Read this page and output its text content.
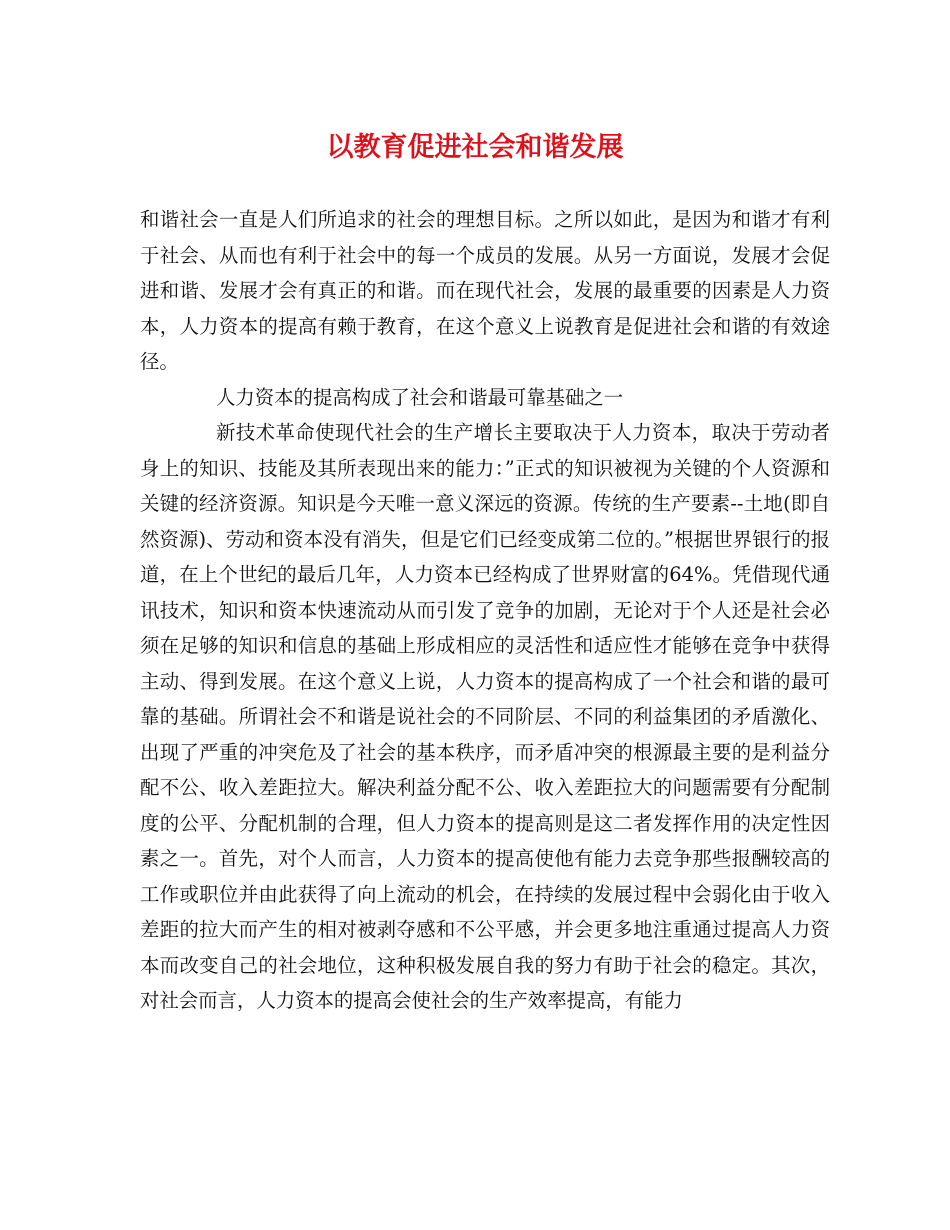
以教育促进社会和谐发展

和谐社会一直是人们所追求的社会的理想目标。之所以如此，是因为和谐才有利于社会、从而也有利于社会中的每一个成员的发展。从另一方面说，发展才会促进和谐、发展才会有真正的和谐。而在现代社会，发展的最重要的因素是人力资本，人力资本的提高有赖于教育，在这个意义上说教育是促进社会和谐的有效途径。

人力资本的提高构成了社会和谐最可靠基础之一

新技术革命使现代社会的生产增长主要取决于人力资本，取决于劳动者身上的知识、技能及其所表现出来的能力：”正式的知识被视为关键的个人资源和关键的经济资源。知识是今天唯一意义深远的资源。传统的生产要素--土地(即自然资源)、劳动和资本没有消失，但是它们已经变成第二位的。”根据世界银行的报道，在上个世纪的最后几年，人力资本已经构成了世界财富的64%。凭借现代通讯技术，知识和资本快速流动从而引发了竞争的加剧，无论对于个人还是社会必须在足够的知识和信息的基础上形成相应的灵活性和适应性才能够在竞争中获得主动、得到发展。在这个意义上说，人力资本的提高构成了一个社会和谐的最可靠的基础。所谓社会不和谐是说社会的不同阶层、不同的利益集团的矛盾激化、出现了严重的冲突危及了社会的基本秩序，而矛盾冲突的根源最主要的是利益分配不公、收入差距拉大。解决利益分配不公、收入差距拉大的问题需要有分配制度的公平、分配机制的合理，但人力资本的提高则是这二者发挥作用的决定性因素之一。首先，对个人而言，人力资本的提高使他有能力去竞争那些报酬较高的工作或职位并由此获得了向上流动的机会，在持续的发展过程中会弱化由于收入差距的拉大而产生的相对被剥夺感和不公平感，并会更多地注重通过提高人力资本而改变自己的社会地位，这种积极发展自我的努力有助于社会的稳定。其次，对社会而言，人力资本的提高会使社会的生产效率提高，有能力
